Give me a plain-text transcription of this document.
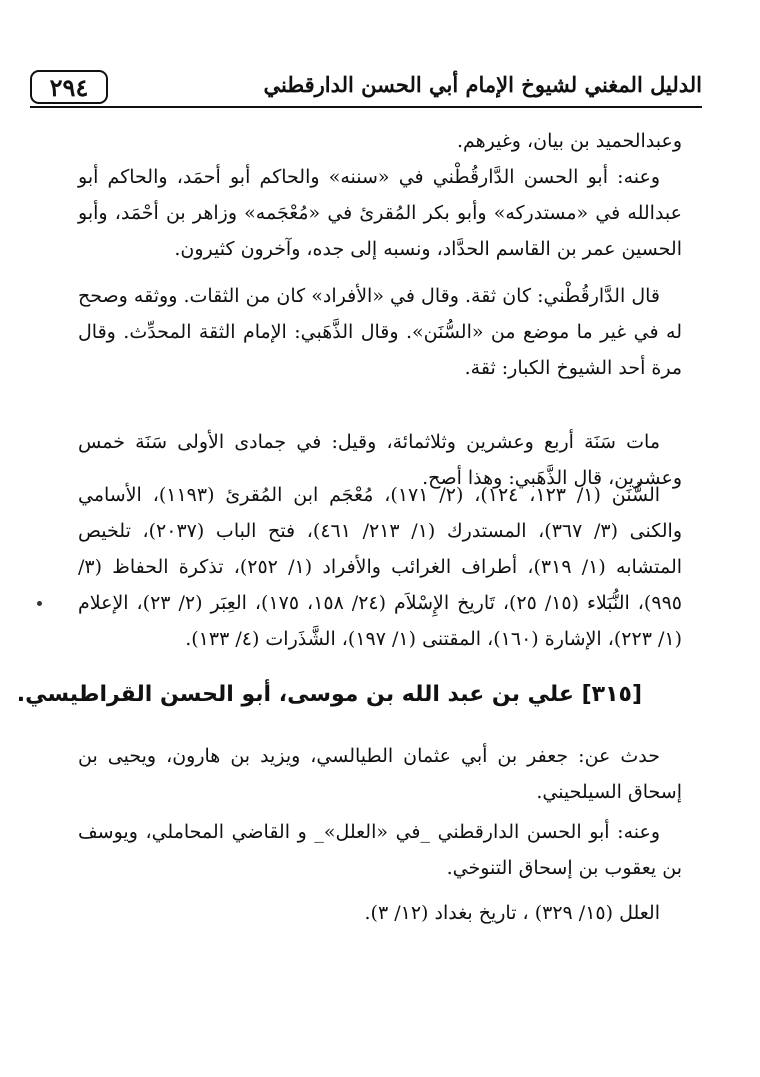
٢٩٤	الدليل المغني لشيوخ الإمام أبي الحسن الدارقطني

وعبدالحميد بن بيان، وغيرهم.

وعنه: أبو الحسن الدَّارقُطْني في «سننه» والحاكم أبو أحمَد، والحاكم أبو عبدالله في «مستدركه» وأبو بكر المُقرئ في «مُعْجَمه» وزاهر بن أحْمَد، وأبو الحسين عمر بن القاسم الحدَّاد، ونسبه إلى جده، وآخرون كثيرون.

قال الدَّارقُطْني: كان ثقة. وقال في «الأفراد» كان من الثقات. ووثقه وصحح له في غير ما موضع من «السُّنَن». وقال الذَّهَبي: الإمام الثقة المحدِّث. وقال مرة أحد الشيوخ الكبار: ثقة.

مات سَنَة أربع وعشرين وثلاثمائة، وقيل: في جمادى الأولى سَنَة خمس وعشرين، قال الذَّهَبي: وهذا أصح.

السُّنَن (١/ ١٢٣، ١٢٤)، (٢/ ١٧١)، مُعْجَم ابن المُقرئ (١١٩٣)، الأسامي والكنى (٣/ ٣٦٧)، المستدرك (١/ ٢١٣/ ٤٦١)، فتح الباب (٢٠٣٧)، تلخيص المتشابه (١/ ٣١٩)، أطراف الغرائب والأفراد (١/ ٢٥٢)، تذكرة الحفاظ (٣/ ٩٩٥)، النُّبَلاء (١٥/ ٢٥)، تَاريخ الإِسْلاَم (٢٤/ ١٥٨، ١٧٥)، العِبَر (٢/ ٢٣)، الإعلام (١/ ٢٢٣)، الإشارة (١٦٠)، المقتنى (١/ ١٩٧)، الشَّذَرات (٤/ ١٣٣).

[٣١٥] علي بن عبد الله بن موسى، أبو الحسن القراطيسي.

حدث عن: جعفر بن أبي عثمان الطيالسي، ويزيد بن هارون، ويحيى بن إسحاق السيلحيني.

وعنه: أبو الحسن الدارقطني _في «العلل»_ و القاضي المحاملي، ويوسف بن يعقوب بن إسحاق التنوخي.

العلل (١٥/ ٣٢٩) ، تاريخ بغداد (١٢/ ٣).
